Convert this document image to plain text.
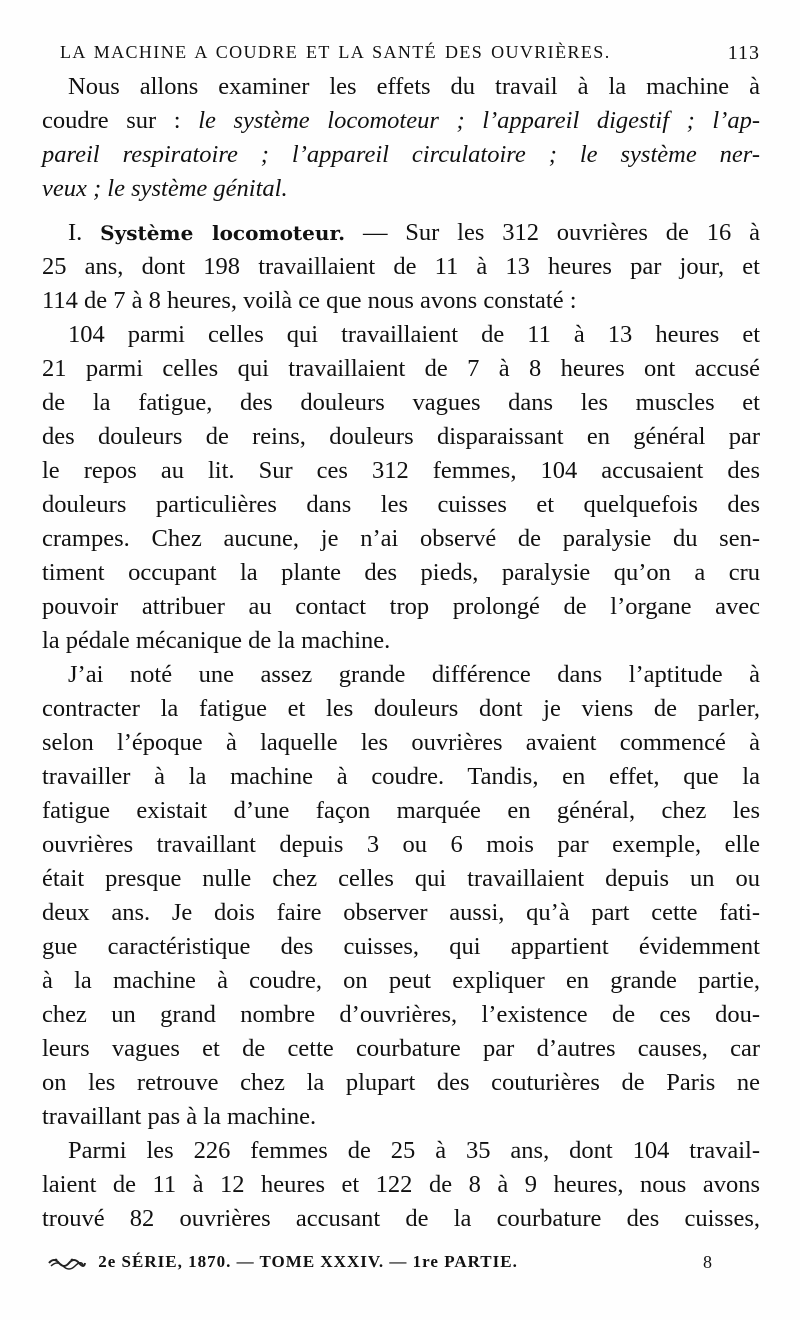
LA MACHINE A COUDRE ET LA SANTÉ DES OUVRIÈRES.	113
Nous allons examiner les effets du travail à la machine à
coudre sur : le système locomoteur ; l’appareil digestif ; l’ap-
pareil respiratoire ; l’appareil circulatoire ; le système ner-
veux ; le système génital.
I. Système locomoteur. — Sur les 312 ouvrières de 16 à
25 ans, dont 198 travaillaient de 11 à 13 heures par jour, et
114 de 7 à 8 heures, voilà ce que nous avons constaté :
104 parmi celles qui travaillaient de 11 à 13 heures et
21 parmi celles qui travaillaient de 7 à 8 heures ont accusé
de la fatigue, des douleurs vagues dans les muscles et
des douleurs de reins, douleurs disparaissant en général par
le repos au lit. Sur ces 312 femmes, 104 accusaient des
douleurs particulières dans les cuisses et quelquefois des
crampes. Chez aucune, je n’ai observé de paralysie du sen-
timent occupant la plante des pieds, paralysie qu’on a cru
pouvoir attribuer au contact trop prolongé de l’organe avec
la pédale mécanique de la machine.
J’ai noté une assez grande différence dans l’aptitude à
contracter la fatigue et les douleurs dont je viens de parler,
selon l’époque à laquelle les ouvrières avaient commencé à
travailler à la machine à coudre. Tandis, en effet, que la
fatigue existait d’une façon marquée en général, chez les
ouvrières travaillant depuis 3 ou 6 mois par exemple, elle
était presque nulle chez celles qui travaillaient depuis un ou
deux ans. Je dois faire observer aussi, qu’à part cette fati-
gue caractéristique des cuisses, qui appartient évidemment
à la machine à coudre, on peut expliquer en grande partie,
chez un grand nombre d’ouvrières, l’existence de ces dou-
leurs vagues et de cette courbature par d’autres causes, car
on les retrouve chez la plupart des couturières de Paris ne
travaillant pas à la machine.
Parmi les 226 femmes de 25 à 35 ans, dont 104 travail-
laient de 11 à 12 heures et 122 de 8 à 9 heures, nous avons
trouvé 82 ouvrières accusant de la courbature des cuisses,
2e SÉRIE, 1870. — TOME XXXIV. — 1re PARTIE.	8
